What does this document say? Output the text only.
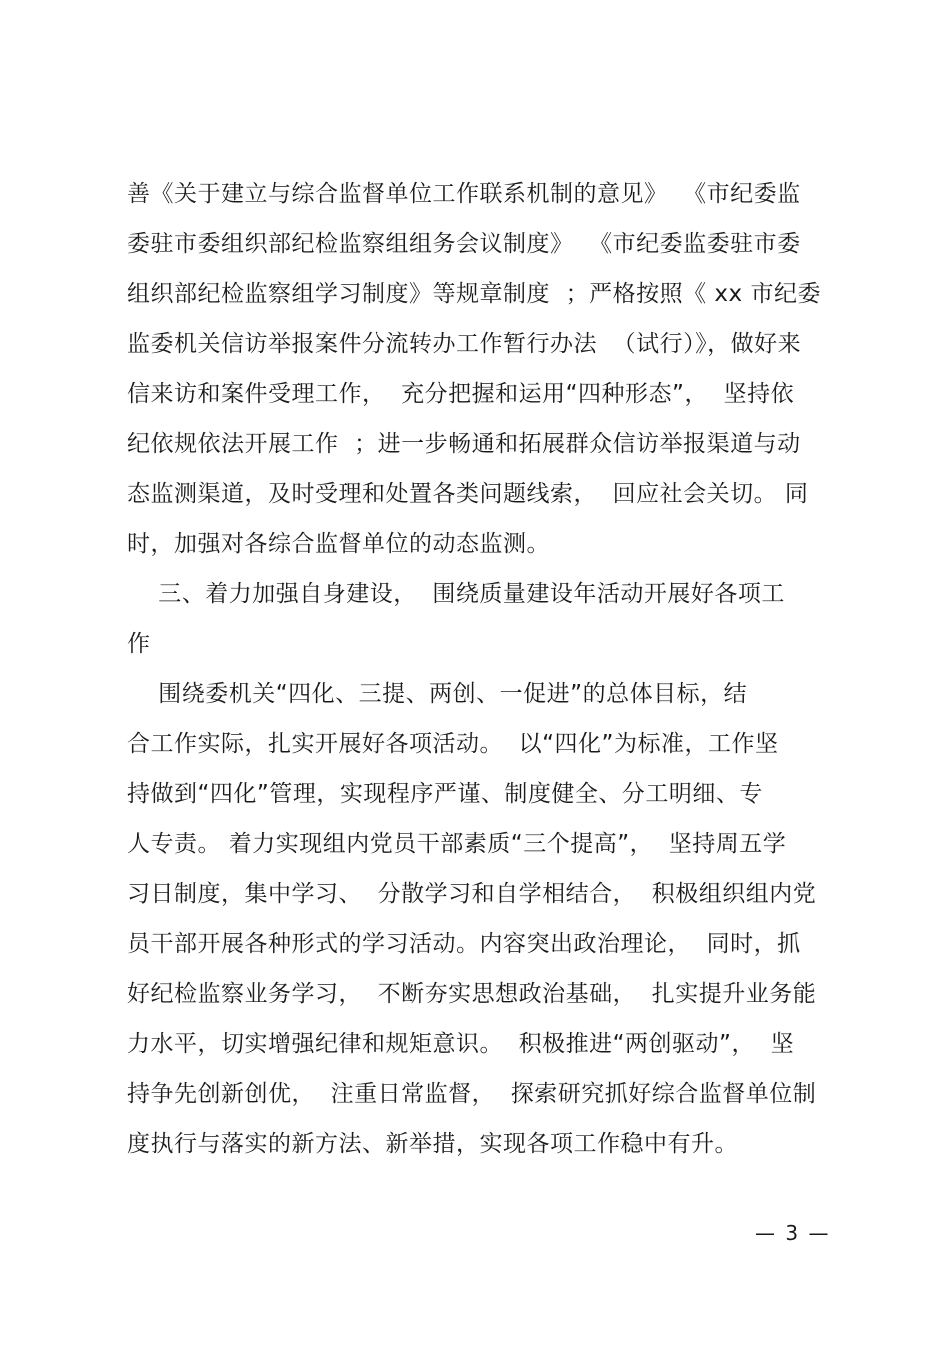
善《关于建立与综合监督单位工作联系机制的意见》  《市纪委监

委驻市委组织部纪检监察组组务会议制度》  《市纪委监委驻市委

组织部纪检监察组学习制度》等规章制度  ；严格按照《 xx 市纪委

监委机关信访举报案件分流转办工作暂行办法  （试行）》，做好来

信来访和案件受理工作，  充分把握和运用“四种形态”，  坚持依

纪依规依法开展工作  ；进一步畅通和拓展群众信访举报渠道与动

态监测渠道，及时受理和处置各类问题线索，  回应社会关切。 同

时，加强对各综合监督单位的动态监测。

三、着力加强自身建设，  围绕质量建设年活动开展好各项工

作

围绕委机关“四化、三提、两创、一促进”的总体目标，结

合工作实际，扎实开展好各项活动。  以“四化”为标准，工作坚

持做到“四化”管理，实现程序严谨、制度健全、分工明细、专

人专责。 着力实现组内党员干部素质“三个提高”，  坚持周五学

习日制度，集中学习、  分散学习和自学相结合，  积极组织组内党

员干部开展各种形式的学习活动。内容突出政治理论，  同时，抓

好纪检监察业务学习，  不断夯实思想政治基础，  扎实提升业务能

力水平，切实增强纪律和规矩意识。  积极推进“两创驱动”，  坚

持争先创新创优，  注重日常监督，  探索研究抓好综合监督单位制

度执行与落实的新方法、新举措，实现各项工作稳中有升。

— 3 —
